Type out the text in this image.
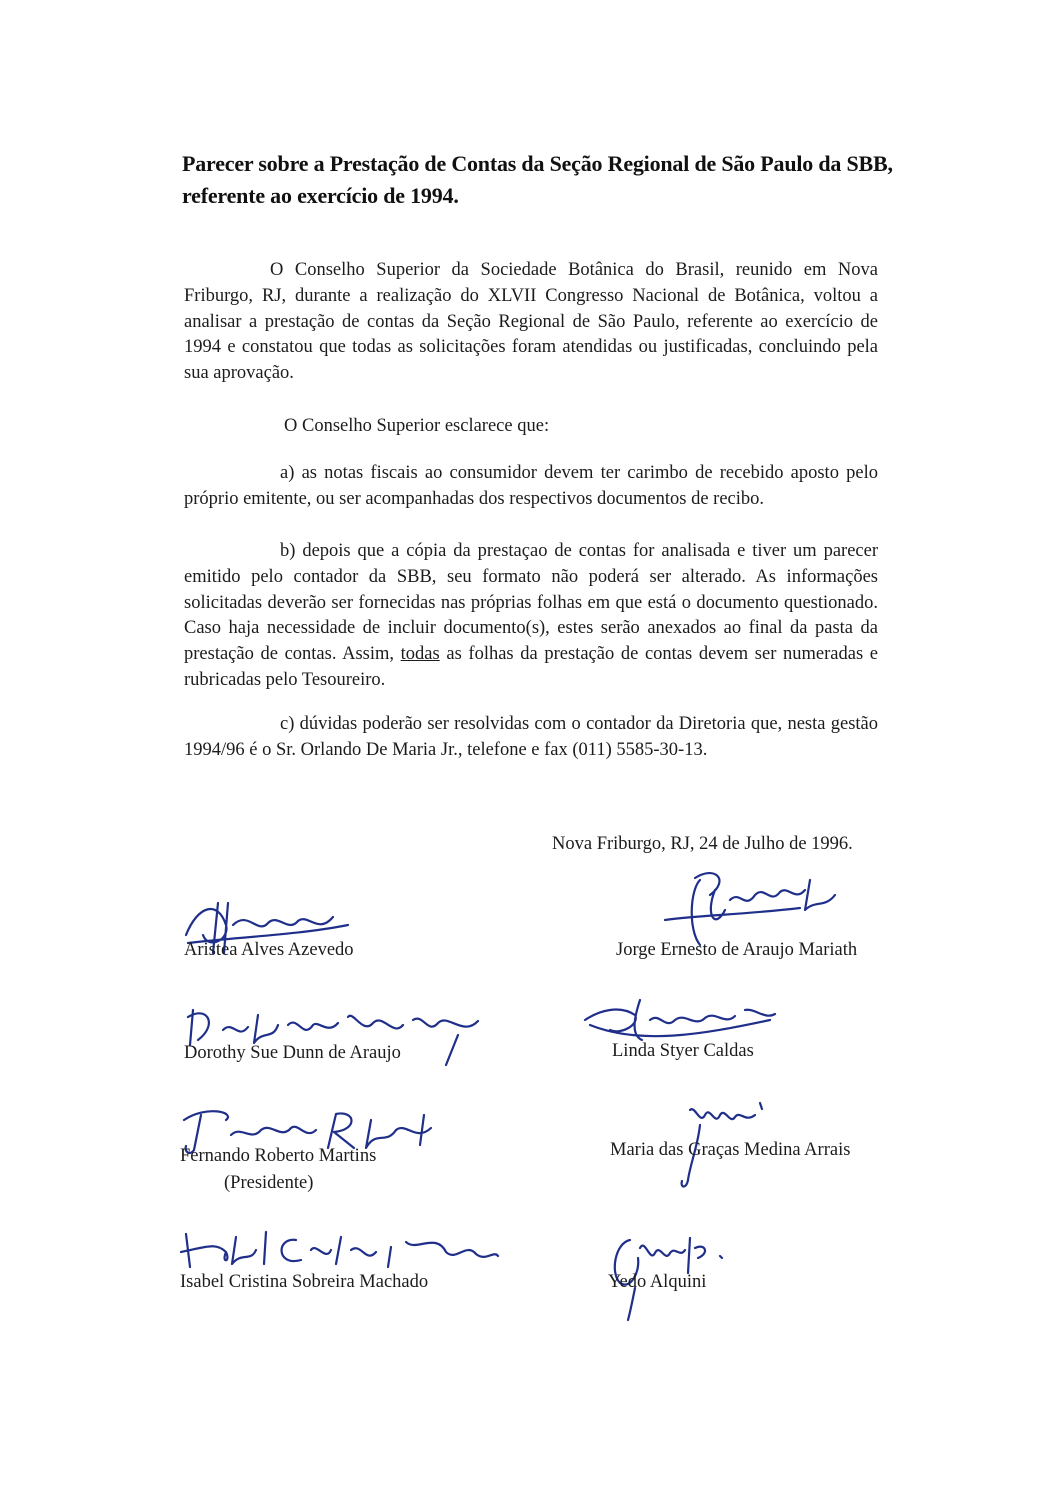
Parecer sobre a Prestação de Contas da Seção Regional de São Paulo da SBB, referente ao exercício de 1994.
O Conselho Superior da Sociedade Botânica do Brasil, reunido em Nova Friburgo, RJ, durante a realização do XLVII Congresso Nacional de Botânica, voltou a analisar a prestação de contas da Seção Regional de São Paulo, referente ao exercício de 1994 e constatou que todas as solicitações foram atendidas ou justificadas, concluindo pela sua aprovação.
O Conselho Superior esclarece que:
a) as notas fiscais ao consumidor devem ter carimbo de recebido aposto pelo próprio emitente, ou ser acompanhadas dos respectivos documentos de recibo.
b) depois que a cópia da prestaçao de contas for analisada e tiver um parecer emitido pelo contador da SBB, seu formato não poderá ser alterado. As informações solicitadas deverão ser fornecidas nas próprias folhas em que está o documento questionado. Caso haja necessidade de incluir documento(s), estes serão anexados ao final da pasta da prestação de contas. Assim, todas as folhas da prestação de contas devem ser numeradas e rubricadas pelo Tesoureiro.
c) dúvidas poderão ser resolvidas com o contador da Diretoria que, nesta gestão 1994/96 é o Sr. Orlando De Maria Jr., telefone e fax (011) 5585-30-13.
Nova Friburgo, RJ, 24 de Julho de 1996.
Aristea Alves Azevedo
Dorothy Sue Dunn de Araujo
Fernando Roberto Martins
(Presidente)
Isabel Cristina Sobreira Machado
Jorge Ernesto de Araujo Mariath
Linda Styer Caldas
Maria das Graças Medina Arrais
Yedo Alquini
